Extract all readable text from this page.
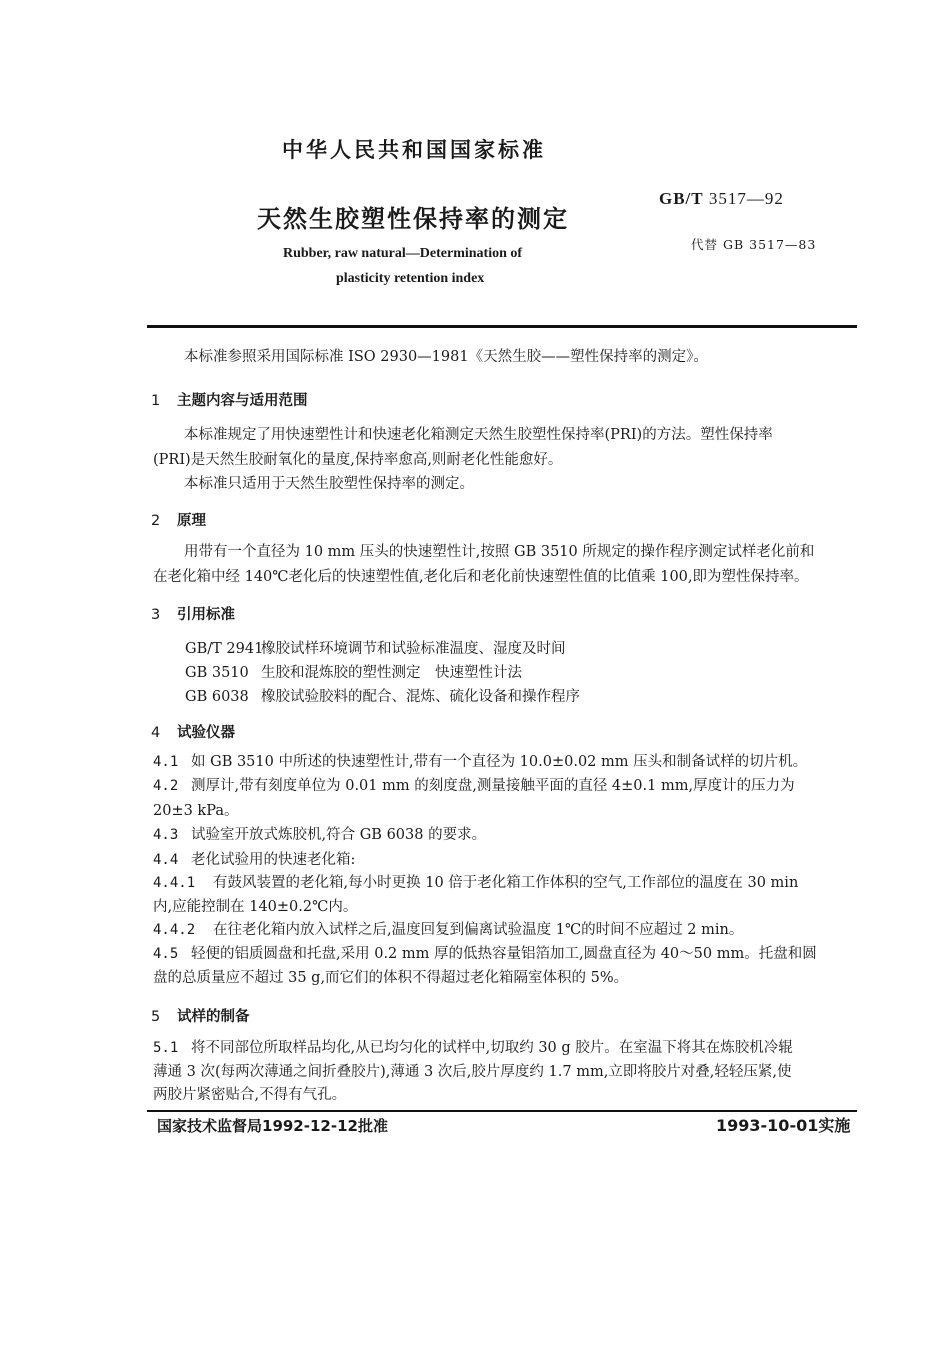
中华人民共和国国家标准
天然生胶塑性保持率的测定
Rubber, raw natural—Determination of
plasticity retention index
GB/T 3517—92
代替 GB 3517—83
本标准参照采用国际标准 ISO 2930—1981《天然生胶——塑性保持率的测定》。
1 主题内容与适用范围
本标准规定了用快速塑性计和快速老化箱测定天然生胶塑性保持率(PRI)的方法。塑性保持率
(PRI)是天然生胶耐氧化的量度,保持率愈高,则耐老化性能愈好。
本标准只适用于天然生胶塑性保持率的测定。
2 原理
用带有一个直径为 10 mm 压头的快速塑性计,按照 GB 3510 所规定的操作程序测定试样老化前和
在老化箱中经 140℃老化后的快速塑性值,老化后和老化前快速塑性值的比值乘 100,即为塑性保持率。
3 引用标准
GB/T 2941橡胶试样环境调节和试验标准温度、湿度及时间
GB 3510 生胶和混炼胶的塑性测定　快速塑性计法
GB 6038 橡胶试验胶料的配合、混炼、硫化设备和操作程序
4 试验仪器
4.1 如 GB 3510 中所述的快速塑性计,带有一个直径为 10.0±0.02 mm 压头和制备试样的切片机。
4.2 测厚计,带有刻度单位为 0.01 mm 的刻度盘,测量接触平面的直径 4±0.1 mm,厚度计的压力为
20±3 kPa。
4.3 试验室开放式炼胶机,符合 GB 6038 的要求。
4.4 老化试验用的快速老化箱:
4.4.1 有鼓风装置的老化箱,每小时更换 10 倍于老化箱工作体积的空气,工作部位的温度在 30 min
内,应能控制在 140±0.2℃内。
4.4.2 在往老化箱内放入试样之后,温度回复到偏离试验温度 1℃的时间不应超过 2 min。
4.5 轻便的铝质圆盘和托盘,采用 0.2 mm 厚的低热容量铝箔加工,圆盘直径为 40～50 mm。托盘和圆
盘的总质量应不超过 35 g,而它们的体积不得超过老化箱隔室体积的 5%。
5 试样的制备
5.1 将不同部位所取样品均化,从已均匀化的试样中,切取约 30 g 胶片。在室温下将其在炼胶机冷辊
薄通 3 次(每两次薄通之间折叠胶片),薄通 3 次后,胶片厚度约 1.7 mm,立即将胶片对叠,轻轻压紧,使
两胶片紧密贴合,不得有气孔。
国家技术监督局1992-12-12批准	1993-10-01实施
